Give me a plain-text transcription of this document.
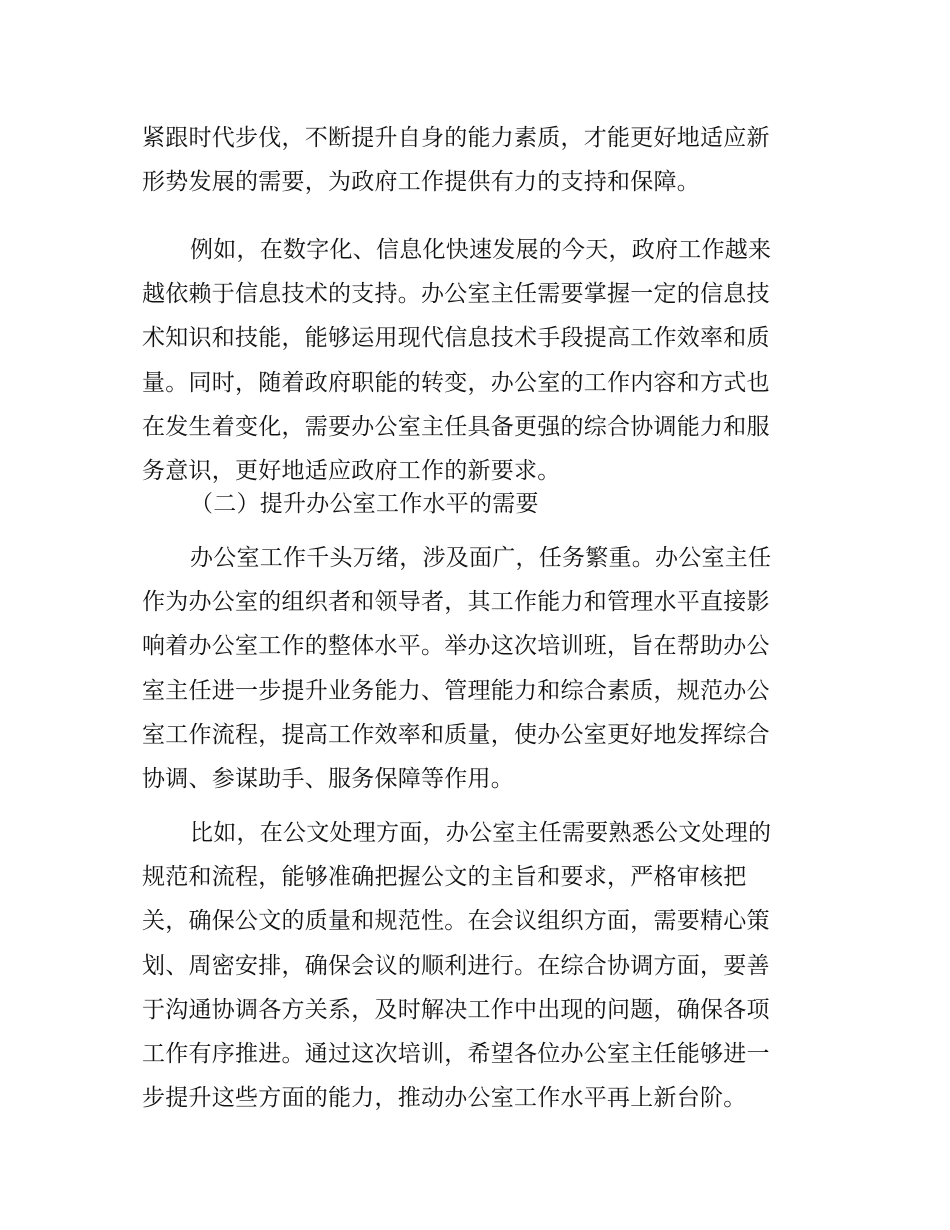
紧跟时代步伐，不断提升自身的能力素质，才能更好地适应新
形势发展的需要，为政府工作提供有力的支持和保障。
例如，在数字化、信息化快速发展的今天，政府工作越来
越依赖于信息技术的支持。办公室主任需要掌握一定的信息技
术知识和技能，能够运用现代信息技术手段提高工作效率和质
量。同时，随着政府职能的转变，办公室的工作内容和方式也
在发生着变化，需要办公室主任具备更强的综合协调能力和服
务意识，更好地适应政府工作的新要求。
（二）提升办公室工作水平的需要
办公室工作千头万绪，涉及面广，任务繁重。办公室主任
作为办公室的组织者和领导者，其工作能力和管理水平直接影
响着办公室工作的整体水平。举办这次培训班，旨在帮助办公
室主任进一步提升业务能力、管理能力和综合素质，规范办公
室工作流程，提高工作效率和质量，使办公室更好地发挥综合
协调、参谋助手、服务保障等作用。
比如，在公文处理方面，办公室主任需要熟悉公文处理的
规范和流程，能够准确把握公文的主旨和要求，严格审核把
关，确保公文的质量和规范性。在会议组织方面，需要精心策
划、周密安排，确保会议的顺利进行。在综合协调方面，要善
于沟通协调各方关系，及时解决工作中出现的问题，确保各项
工作有序推进。通过这次培训，希望各位办公室主任能够进一
步提升这些方面的能力，推动办公室工作水平再上新台阶。
